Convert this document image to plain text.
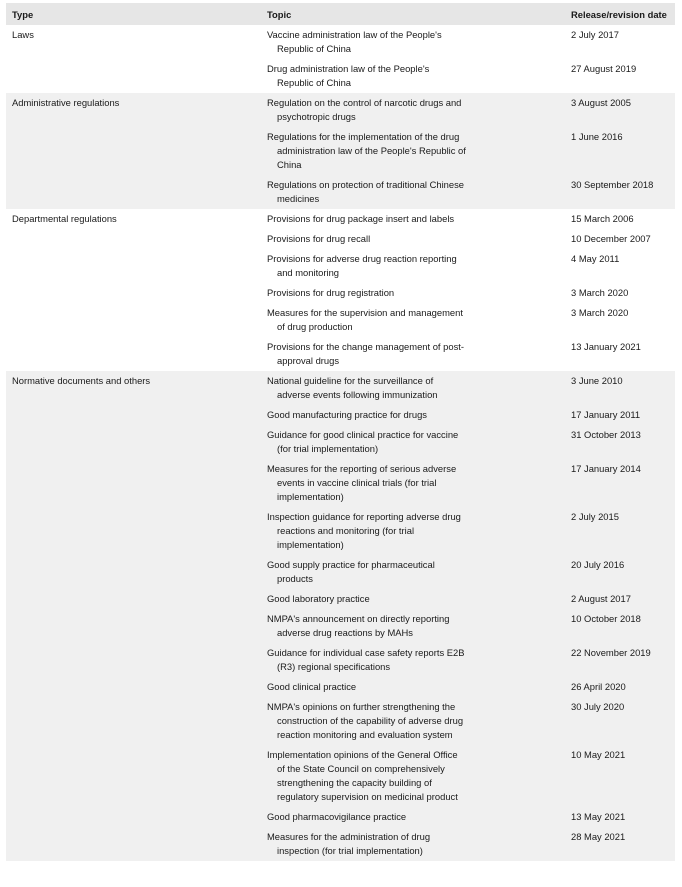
Type	Topic	Release/revision date
Laws	Vaccine administration law of the People's Republic of China	2 July 2017

	Drug administration law of the People's Republic of China	27 August 2019
Administrative regulations	Regulation on the control of narcotic drugs and psychotropic drugs	3 August 2005

	Regulations for the implementation of the drug administration law of the People's Republic of China	1 June 2016

	Regulations on protection of traditional Chinese medicines	30 September 2018
Departmental regulations	Provisions for drug package insert and labels	15 March 2006

	Provisions for drug recall	10 December 2007

	Provisions for adverse drug reaction reporting and monitoring	4 May 2011

	Provisions for drug registration	3 March 2020

	Measures for the supervision and management of drug production	3 March 2020

	Provisions for the change management of post-approval drugs	13 January 2021
Normative documents and others	National guideline for the surveillance of adverse events following immunization	3 June 2010

	Good manufacturing practice for drugs	17 January 2011

	Guidance for good clinical practice for vaccine (for trial implementation)	31 October 2013

	Measures for the reporting of serious adverse events in vaccine clinical trials (for trial implementation)	17 January 2014

	Inspection guidance for reporting adverse drug reactions and monitoring (for trial implementation)	2 July 2015

	Good supply practice for pharmaceutical products	20 July 2016

	Good laboratory practice	2 August 2017

	NMPA's announcement on directly reporting adverse drug reactions by MAHs	10 October 2018

	Guidance for individual case safety reports E2B (R3) regional specifications	22 November 2019

	Good clinical practice	26 April 2020

	NMPA's opinions on further strengthening the construction of the capability of adverse drug reaction monitoring and evaluation system	30 July 2020

	Implementation opinions of the General Office of the State Council on comprehensively strengthening the capacity building of regulatory supervision on medicinal product	10 May 2021

	Good pharmacovigilance practice	13 May 2021

	Measures for the administration of drug inspection (for trial implementation)	28 May 2021
